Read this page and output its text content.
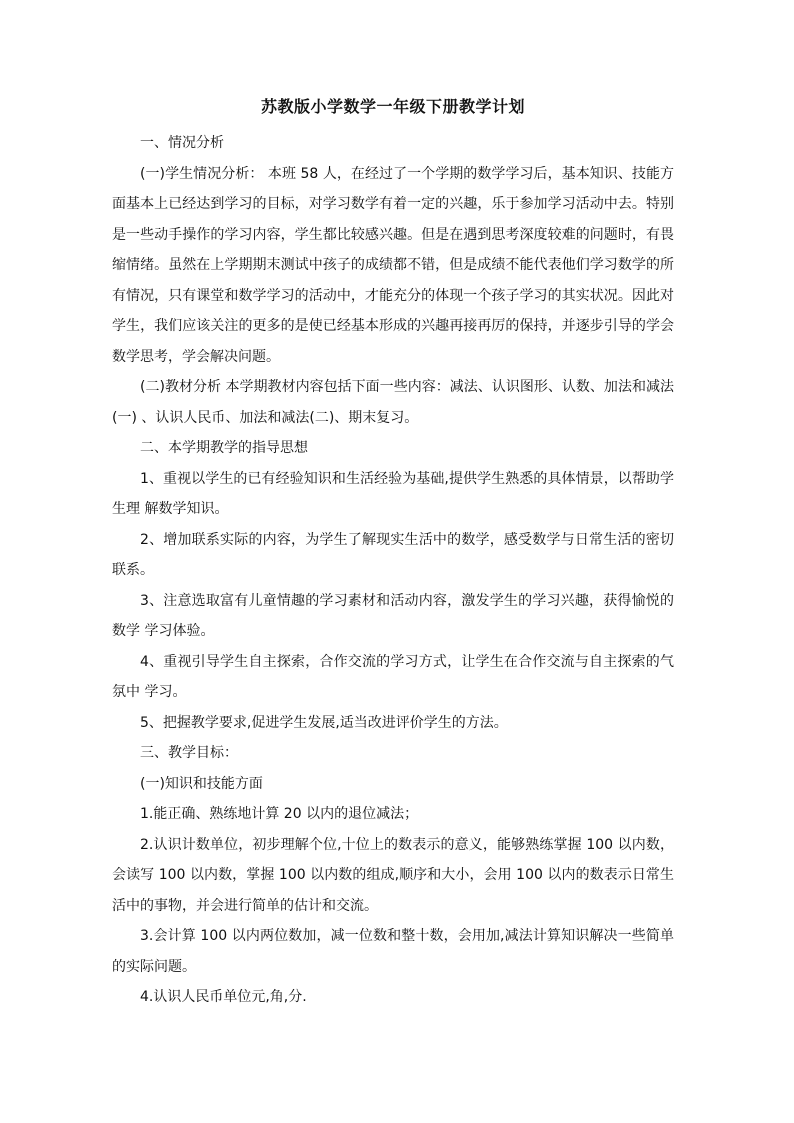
苏教版小学数学一年级下册教学计划

一、情况分析

(一)学生情况分析： 本班 58 人，在经过了一个学期的数学学习后，基本知识、技能方面基本上已经达到学习的目标，对学习数学有着一定的兴趣，乐于参加学习活动中去。特别是一些动手操作的学习内容，学生都比较感兴趣。但是在遇到思考深度较难的问题时，有畏缩情绪。虽然在上学期期末测试中孩子的成绩都不错，但是成绩不能代表他们学习数学的所有情况，只有课堂和数学学习的活动中，才能充分的体现一个孩子学习的其实状况。因此对学生，我们应该关注的更多的是使已经基本形成的兴趣再接再厉的保持，并逐步引导的学会数学思考，学会解决问题。

(二)教材分析 本学期教材内容包括下面一些内容：减法、认识图形、认数、加法和减法(一) 、认识人民币、加法和减法(二)、期末复习。

二、本学期教学的指导思想

1、重视以学生的已有经验知识和生活经验为基础,提供学生熟悉的具体情景，以帮助学生理 解数学知识。

2、增加联系实际的内容，为学生了解现实生活中的数学，感受数学与日常生活的密切联系。

3、注意选取富有儿童情趣的学习素材和活动内容，激发学生的学习兴趣，获得愉悦的数学 学习体验。

4、重视引导学生自主探索，合作交流的学习方式，让学生在合作交流与自主探索的气氛中 学习。

5、把握教学要求,促进学生发展,适当改进评价学生的方法。

三、教学目标：

(一)知识和技能方面

1.能正确、熟练地计算 20 以内的退位减法；

2.认识计数单位，初步理解个位,十位上的数表示的意义，能够熟练掌握 100 以内数，会读写 100 以内数，掌握 100 以内数的组成,顺序和大小，会用 100 以内的数表示日常生活中的事物，并会进行简单的估计和交流。

3.会计算 100 以内两位数加，减一位数和整十数，会用加,减法计算知识解决一些简单的实际问题。

4.认识人民币单位元,角,分.
